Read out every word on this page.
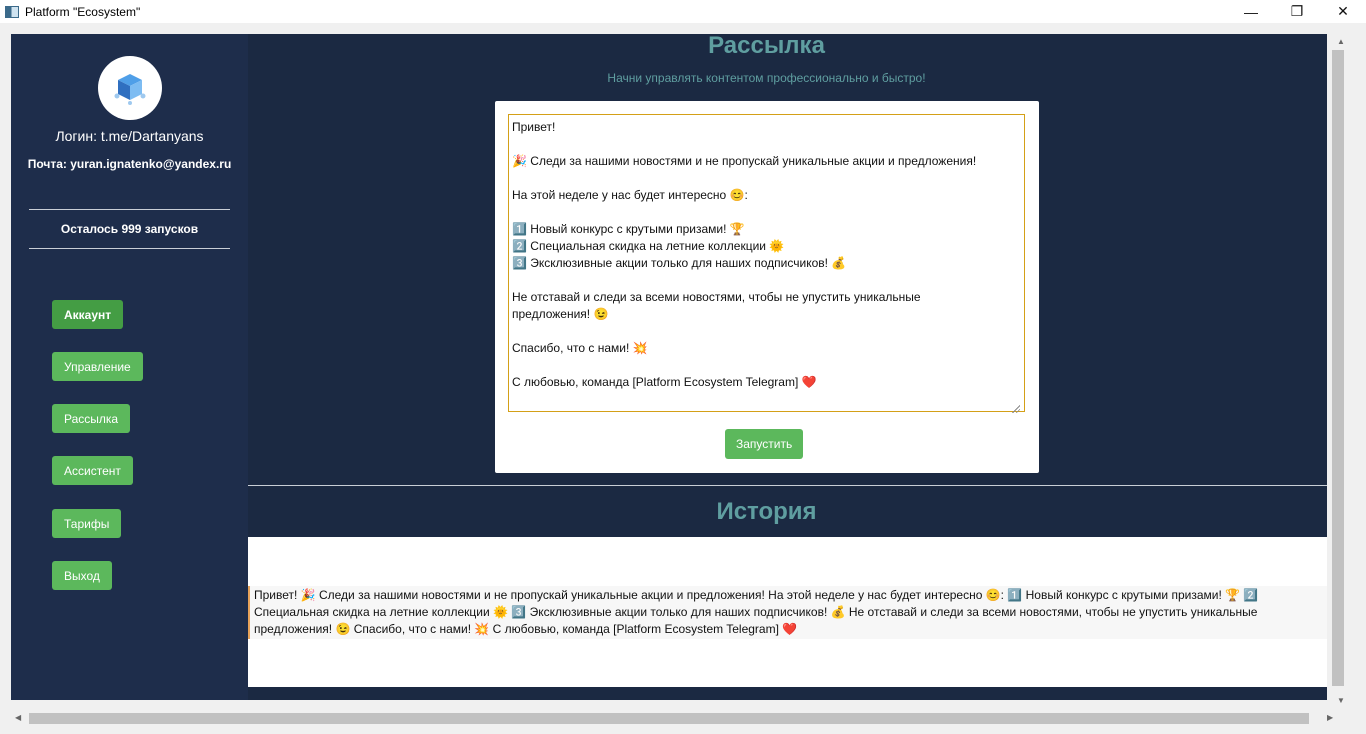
Platform "Ecosystem"	—	❐	✕
Логин: t.me/Dartanyans
Почта: yuran.ignatenko@yandex.ru
Осталось 999 запусков
Аккаунт
Управление
Рассылка
Ассистент
Тарифы
Выход
Рассылка
Начни управлять контентом профессионально и быстро!
Привет!

🎉 Следи за нашими новостями и не пропускай уникальные акции и предложения!

На этой неделе у нас будет интересно 😊:

1️⃣ Новый конкурс с крутыми призами! 🏆
2️⃣ Специальная скидка на летние коллекции 🌞
3️⃣ Эксклюзивные акции только для наших подписчиков! 💰

Не отставай и следи за всеми новостями, чтобы не упустить уникальные
предложения! 😉

Спасибо, что с нами! 💥

С любовью, команда [Platform Ecosystem Telegram] ❤️
Запустить
История
Привет! 🎉 Следи за нашими новостями и не пропускай уникальные акции и предложения! На этой неделе у нас будет интересно 😊: 1️⃣ Новый конкурс с крутыми призами! 🏆 2️⃣ Специальная скидка на летние коллекции 🌞 3️⃣ Эксклюзивные акции только для наших подписчиков! 💰 Не отставай и следи за всеми новостями, чтобы не упустить уникальные предложения! 😉 Спасибо, что с нами! 💥 С любовью, команда [Platform Ecosystem Telegram] ❤️
▲
▼
◀	▶
